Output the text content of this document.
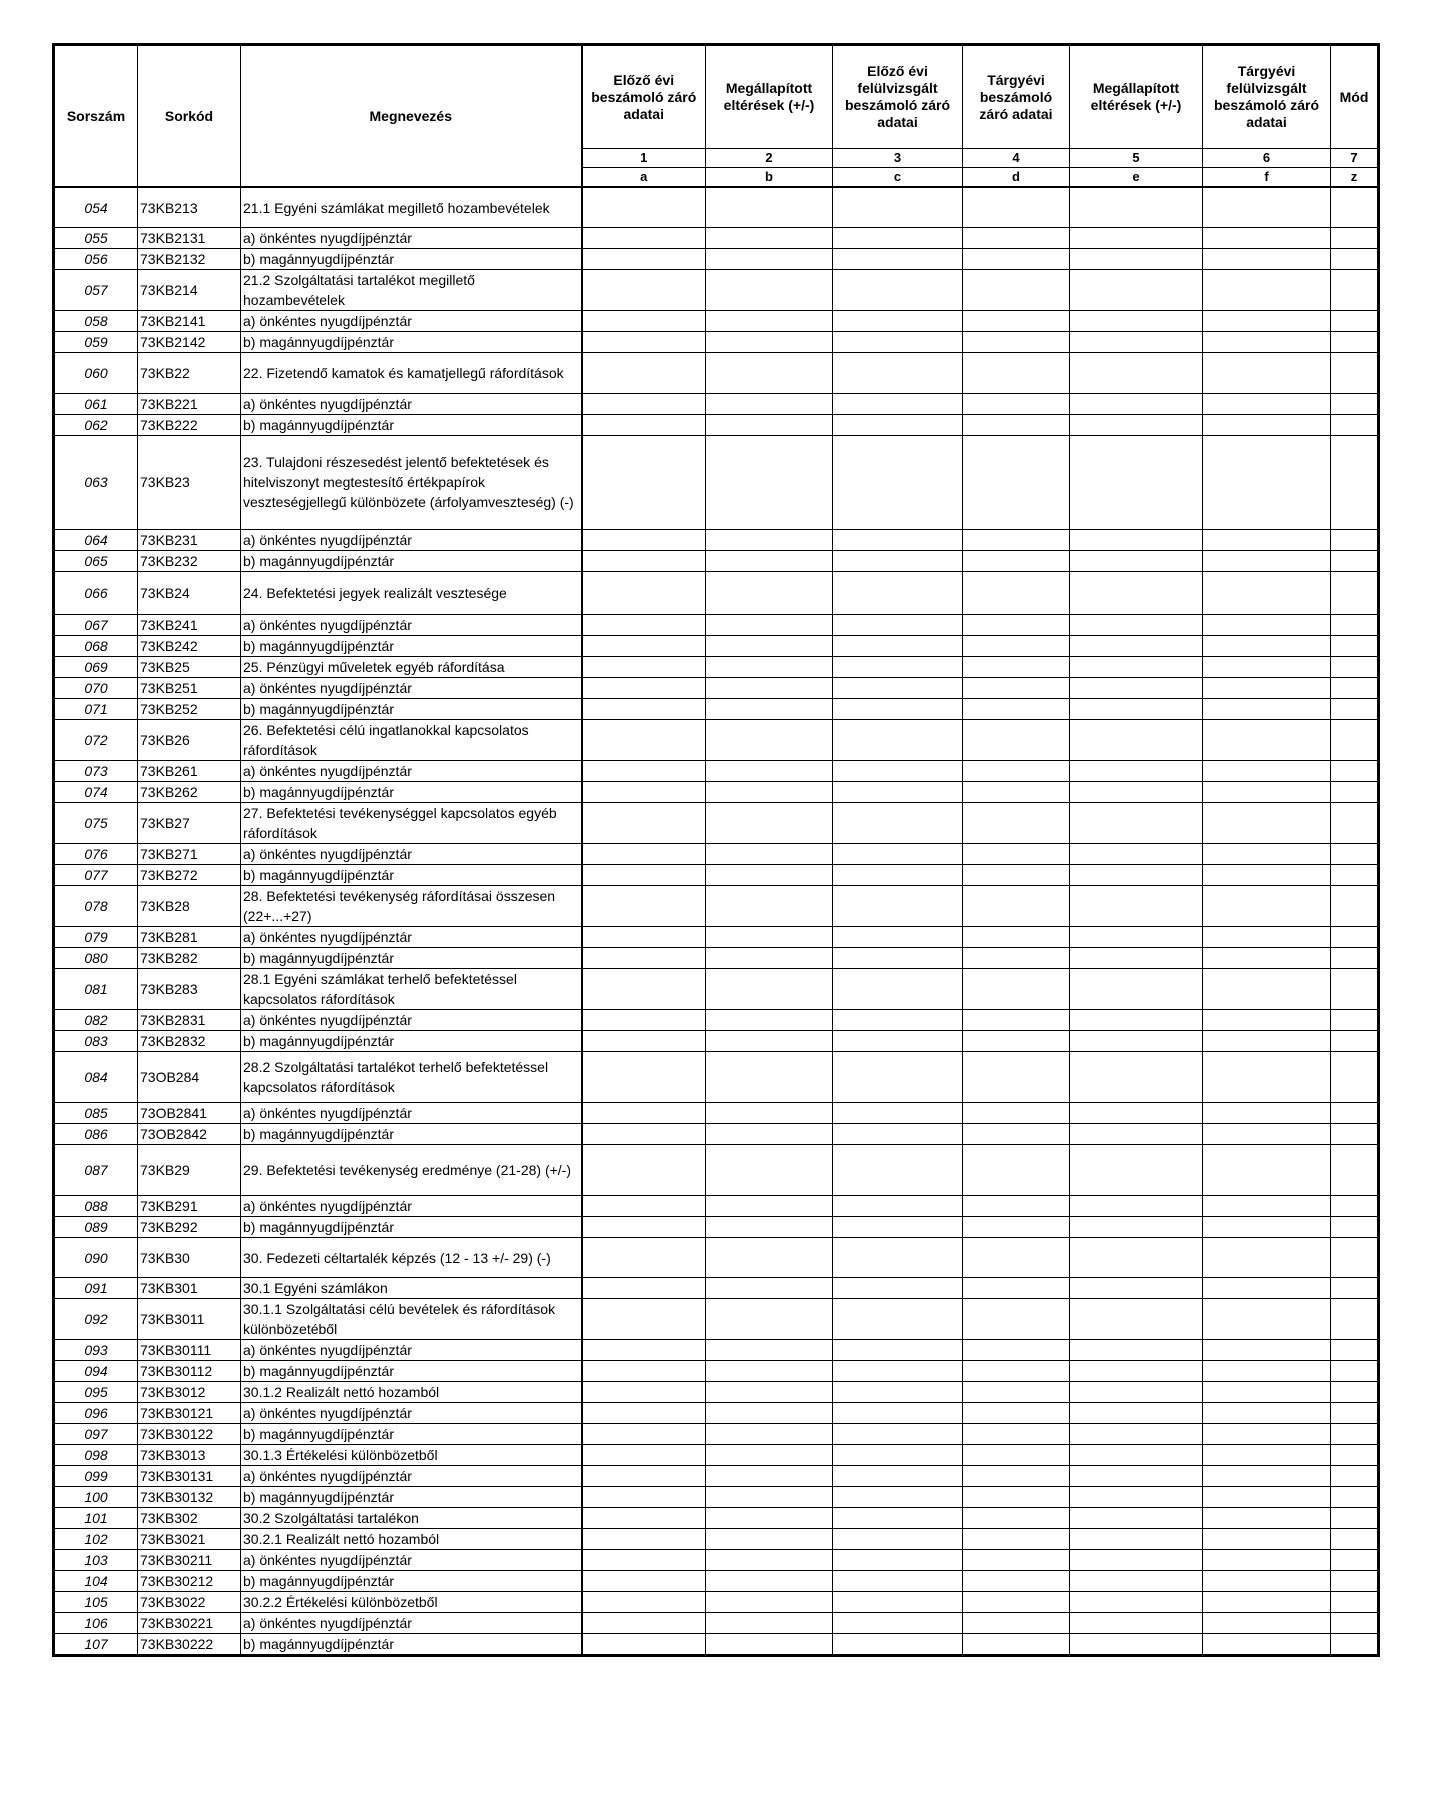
Sorszám	Sorkód	Megnevezés	Előző évi beszámoló záró adatai	Megállapított eltérések (+/-)	Előző évi felülvizsgált beszámoló záró adatai	Tárgyévi beszámoló záró adatai	Megállapított eltérések (+/-)	Tárgyévi felülvizsgált beszámoló záró adatai	Mód
			1	2	3	4	5	6	7
			a	b	c	d	e	f	z
054	73KB213	21.1 Egyéni számlákat megillető hozambevételek							
055	73KB2131	a) önkéntes nyugdíjpénztár							
056	73KB2132	b) magánnyugdíjpénztár							
057	73KB214	21.2 Szolgáltatási tartalékot megillető hozambevételek							
058	73KB2141	a) önkéntes nyugdíjpénztár							
059	73KB2142	b) magánnyugdíjpénztár							
060	73KB22	22. Fizetendő kamatok és kamatjellegű ráfordítások							
061	73KB221	a) önkéntes nyugdíjpénztár							
062	73KB222	b) magánnyugdíjpénztár							
063	73KB23	23. Tulajdoni részesedést jelentő befektetések és hitelviszonyt megtestesítő értékpapírok veszteségjellegű különbözete (árfolyamveszteség) (-)							
064	73KB231	a) önkéntes nyugdíjpénztár							
065	73KB232	b) magánnyugdíjpénztár							
066	73KB24	24. Befektetési jegyek realizált vesztesége							
067	73KB241	a) önkéntes nyugdíjpénztár							
068	73KB242	b) magánnyugdíjpénztár							
069	73KB25	25. Pénzügyi műveletek egyéb ráfordítása							
070	73KB251	a) önkéntes nyugdíjpénztár							
071	73KB252	b) magánnyugdíjpénztár							
072	73KB26	26. Befektetési célú ingatlanokkal kapcsolatos ráfordítások							
073	73KB261	a) önkéntes nyugdíjpénztár							
074	73KB262	b) magánnyugdíjpénztár							
075	73KB27	27. Befektetési tevékenységgel kapcsolatos egyéb ráfordítások							
076	73KB271	a) önkéntes nyugdíjpénztár							
077	73KB272	b) magánnyugdíjpénztár							
078	73KB28	28. Befektetési tevékenység ráfordításai összesen (22+...+27)							
079	73KB281	a) önkéntes nyugdíjpénztár							
080	73KB282	b) magánnyugdíjpénztár							
081	73KB283	28.1 Egyéni számlákat terhelő befektetéssel kapcsolatos ráfordítások							
082	73KB2831	a) önkéntes nyugdíjpénztár							
083	73KB2832	b) magánnyugdíjpénztár							
084	73OB284	28.2 Szolgáltatási tartalékot terhelő befektetéssel kapcsolatos ráfordítások							
085	73OB2841	a) önkéntes nyugdíjpénztár							
086	73OB2842	b) magánnyugdíjpénztár							
087	73KB29	29. Befektetési tevékenység eredménye (21-28) (+/-)							
088	73KB291	a) önkéntes nyugdíjpénztár							
089	73KB292	b) magánnyugdíjpénztár							
090	73KB30	30. Fedezeti céltartalék képzés (12 - 13 +/- 29) (-)							
091	73KB301	30.1 Egyéni számlákon							
092	73KB3011	30.1.1 Szolgáltatási célú bevételek és ráfordítások különbözetéből							
093	73KB30111	a) önkéntes nyugdíjpénztár							
094	73KB30112	b) magánnyugdíjpénztár							
095	73KB3012	30.1.2 Realizált nettó hozamból							
096	73KB30121	a) önkéntes nyugdíjpénztár							
097	73KB30122	b) magánnyugdíjpénztár							
098	73KB3013	30.1.3 Értékelési különbözetből							
099	73KB30131	a) önkéntes nyugdíjpénztár							
100	73KB30132	b) magánnyugdíjpénztár							
101	73KB302	30.2 Szolgáltatási tartalékon							
102	73KB3021	30.2.1 Realizált nettó hozamból							
103	73KB30211	a) önkéntes nyugdíjpénztár							
104	73KB30212	b) magánnyugdíjpénztár							
105	73KB3022	30.2.2 Értékelési különbözetből							
106	73KB30221	a) önkéntes nyugdíjpénztár							
107	73KB30222	b) magánnyugdíjpénztár							
